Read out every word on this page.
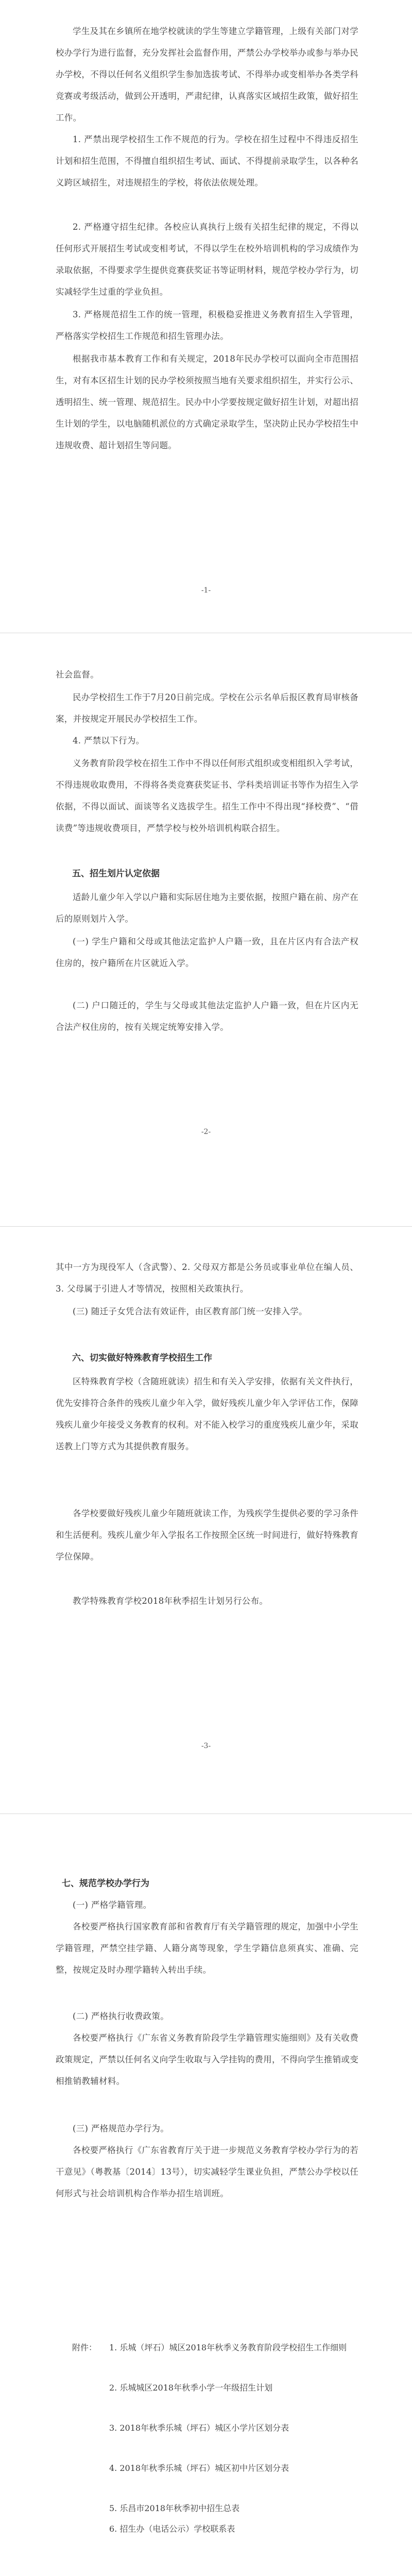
学生及其在乡镇所在地学校就读的学生等建立学籍管理，上级有关部门对学校办学行为进行监督，充分发挥社会监督作用，严禁公办学校举办或参与举办民办学校，不得以任何名义组织学生参加选拔考试、不得举办或变相举办各类学科竞赛或考级活动，做到公开透明，严肃纪律，认真落实区域招生政策，做好招生工作。
1. 严禁出现学校招生工作不规范的行为。学校在招生过程中不得违反招生计划和招生范围，不得擅自组织招生考试、面试、不得提前录取学生，以各种名义跨区域招生，对违规招生的学校，将依法依规处理。
2. 严格遵守招生纪律。各校应认真执行上级有关招生纪律的规定，不得以任何形式开展招生考试或变相考试，不得以学生在校外培训机构的学习成绩作为录取依据，不得要求学生提供竞赛获奖证书等证明材料，规范学校办学行为，切实减轻学生过重的学业负担。
3. 严格规范招生工作的统一管理，积极稳妥推进义务教育招生入学管理，严格落实学校招生工作规范和招生管理办法。
根据我市基本教育工作和有关规定，2018年民办学校可以面向全市范围招生，对有本区招生计划的民办学校须按照当地有关要求组织招生，并实行公示、透明招生、统一管理、规范招生。民办中小学要按规定做好招生计划，对超出招生计划的学生，以电脑随机派位的方式确定录取学生，坚决防止民办学校招生中违规收费、超计划招生等问题。
-1-
社会监督。
民办学校招生工作于7月20日前完成。学校在公示名单后报区教育局审核备案，并按规定开展民办学校招生工作。
4. 严禁以下行为。
义务教育阶段学校在招生工作中不得以任何形式组织或变相组织入学考试，不得违规收取费用，不得将各类竞赛获奖证书、学科类培训证书等作为招生入学依据，不得以面试、面谈等名义选拔学生。招生工作中不得出现“择校费”、“借读费”等违规收费项目，严禁学校与校外培训机构联合招生。
五、招生划片认定依据
适龄儿童少年入学以户籍和实际居住地为主要依据，按照户籍在前、房产在后的原则划片入学。
(一) 学生户籍和父母或其他法定监护人户籍一致，且在片区内有合法产权住房的，按户籍所在片区就近入学。
(二) 户口随迁的，学生与父母或其他法定监护人户籍一致，但在片区内无合法产权住房的，按有关规定统筹安排入学。
-2-
其中一方为现役军人（含武警）、2. 父母双方都是公务员或事业单位在编人员、3. 父母属于引进人才等情况，按照相关政策执行。
(三) 随迁子女凭合法有效证件，由区教育部门统一安排入学。
六、切实做好特殊教育学校招生工作
区特殊教育学校（含随班就读）招生和有关入学安排，依据有关文件执行，优先安排符合条件的残疾儿童少年入学，做好残疾儿童少年入学评估工作，保障残疾儿童少年接受义务教育的权利。对不能入校学习的重度残疾儿童少年，采取送教上门等方式为其提供教育服务。
各学校要做好残疾儿童少年随班就读工作，为残疾学生提供必要的学习条件和生活便利。残疾儿童少年入学报名工作按照全区统一时间进行，做好特殊教育学位保障。
教学特殊教育学校2018年秋季招生计划另行公布。
-3-
七、规范学校办学行为
(一) 严格学籍管理。
各校要严格执行国家教育部和省教育厅有关学籍管理的规定，加强中小学生学籍管理，严禁空挂学籍、人籍分离等现象，学生学籍信息须真实、准确、完整，按规定及时办理学籍转入转出手续。
(二) 严格执行收费政策。
各校要严格执行《广东省义务教育阶段学生学籍管理实施细则》及有关收费政策规定，严禁以任何名义向学生收取与入学挂钩的费用，不得向学生推销或变相推销教辅材料。
(三) 严格规范办学行为。
各校要严格执行《广东省教育厅关于进一步规范义务教育学校办学行为的若干意见》（粤教基〔2014〕13号），切实减轻学生课业负担，严禁公办学校以任何形式与社会培训机构合作举办招生培训班。
附件： 1. 乐城（坪石）城区2018年秋季义务教育阶段学校招生工作细则
2. 乐城城区2018年秋季小学一年级招生计划
3. 2018年秋季乐城（坪石）城区小学片区划分表
4. 2018年秋季乐城（坪石）城区初中片区划分表
5. 乐昌市2018年秋季初中招生总表
6. 招生办（电话公示）学校联系表
